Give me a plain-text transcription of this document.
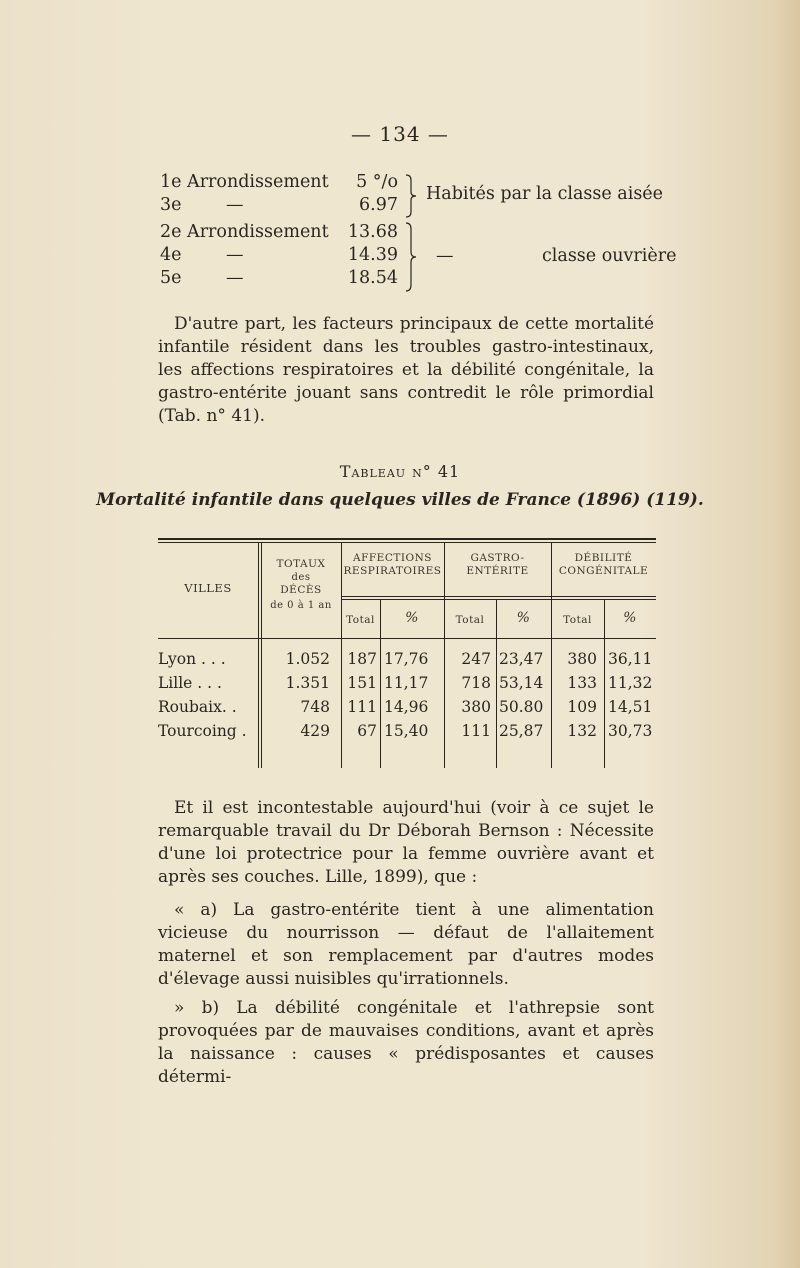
— 134 —
1e Arrondissement	5 °/o
3e        —	6.97
2e Arrondissement	13.68
4e        —	14.39
5e        —	18.54
Habités par la classe aisée
—	classe ouvrière

D'autre part, les facteurs principaux de cette mortalité infantile résident dans les troubles gastro-intestinaux, les affections respiratoires et la débilité congénitale, la gastro-entérite jouant sans contredit le rôle primordial (Tab. n° 41).

Tableau n° 41
Mortalité infantile dans quelques villes de France (1896) (119).
VILLES
TOTAUX
des
DÉCÈS
de 0 à 1 an
AFFECTIONS
RESPIRATOIRES
GASTRO-
ENTÉRITE
DÉBILITÉ
CONGÉNITALE
Total	%	Total	%	Total	%
Lyon . . .	1.052 187 17,76	247 23,47	380 36,11
Lille . . .	1.351 151 11,17	718 53,14	133 11,32
Roubaix. .	748 111 14,96	380 50.80	109 14,51
Tourcoing .	429	67 15,40	111 25,87	132 30,73

Et il est incontestable aujourd'hui (voir à ce sujet le remarquable travail du Dr Déborah Bernson : Nécessite d'une loi protectrice pour la femme ouvrière avant et après ses couches. Lille, 1899), que :

« a) La gastro-entérite tient à une alimentation vicieuse du nourrisson — défaut de l'allaitement maternel et son remplacement par d'autres modes d'élevage aussi nuisibles qu'irrationnels.

» b) La débilité congénitale et l'athrepsie sont provoquées par de mauvaises conditions, avant et après la naissance : causes « prédisposantes et causes détermi-
